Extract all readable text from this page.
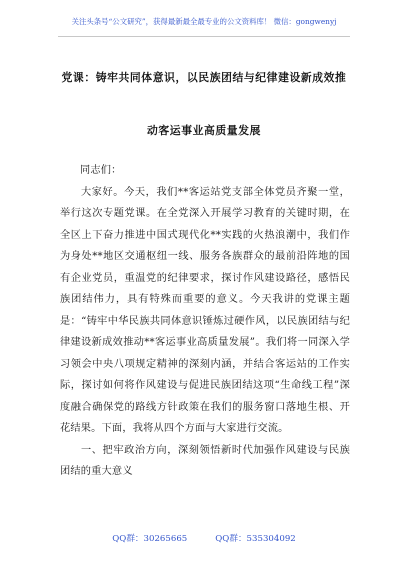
关注头条号“公文研究”，获得最新最全最专业的公文资料库！ 微信：gongwenyj
党课：铸牢共同体意识，以民族团结与纪律建设新成效推
动客运事业高质量发展

同志们：

大家好。今天，我们**客运站党支部全体党员齐聚一堂，举行这次专题党课。在全党深入开展学习教育的关键时期，在全区上下奋力推进中国式现代化**实践的火热浪潮中，我们作为身处**地区交通枢纽一线、服务各族群众的最前沿阵地的国有企业党员，重温党的纪律要求，探讨作风建设路径，感悟民族团结伟力，具有特殊而重要的意义。今天我讲的党课主题是：“铸牢中华民族共同体意识锤炼过硬作风，以民族团结与纪律建设新成效推动**客运事业高质量发展”。我们将一同深入学习领会中央八项规定精神的深刻内涵，并结合客运站的工作实际，探讨如何将作风建设与促进民族团结这项“生命线工程”深度融合确保党的路线方针政策在我们的服务窗口落地生根、开花结果。下面，我将从四个方面与大家进行交流。

一、把牢政治方向，深刻领悟新时代加强作风建设与民族团结的重大意义

QQ群：30265665	QQ群：535304092
